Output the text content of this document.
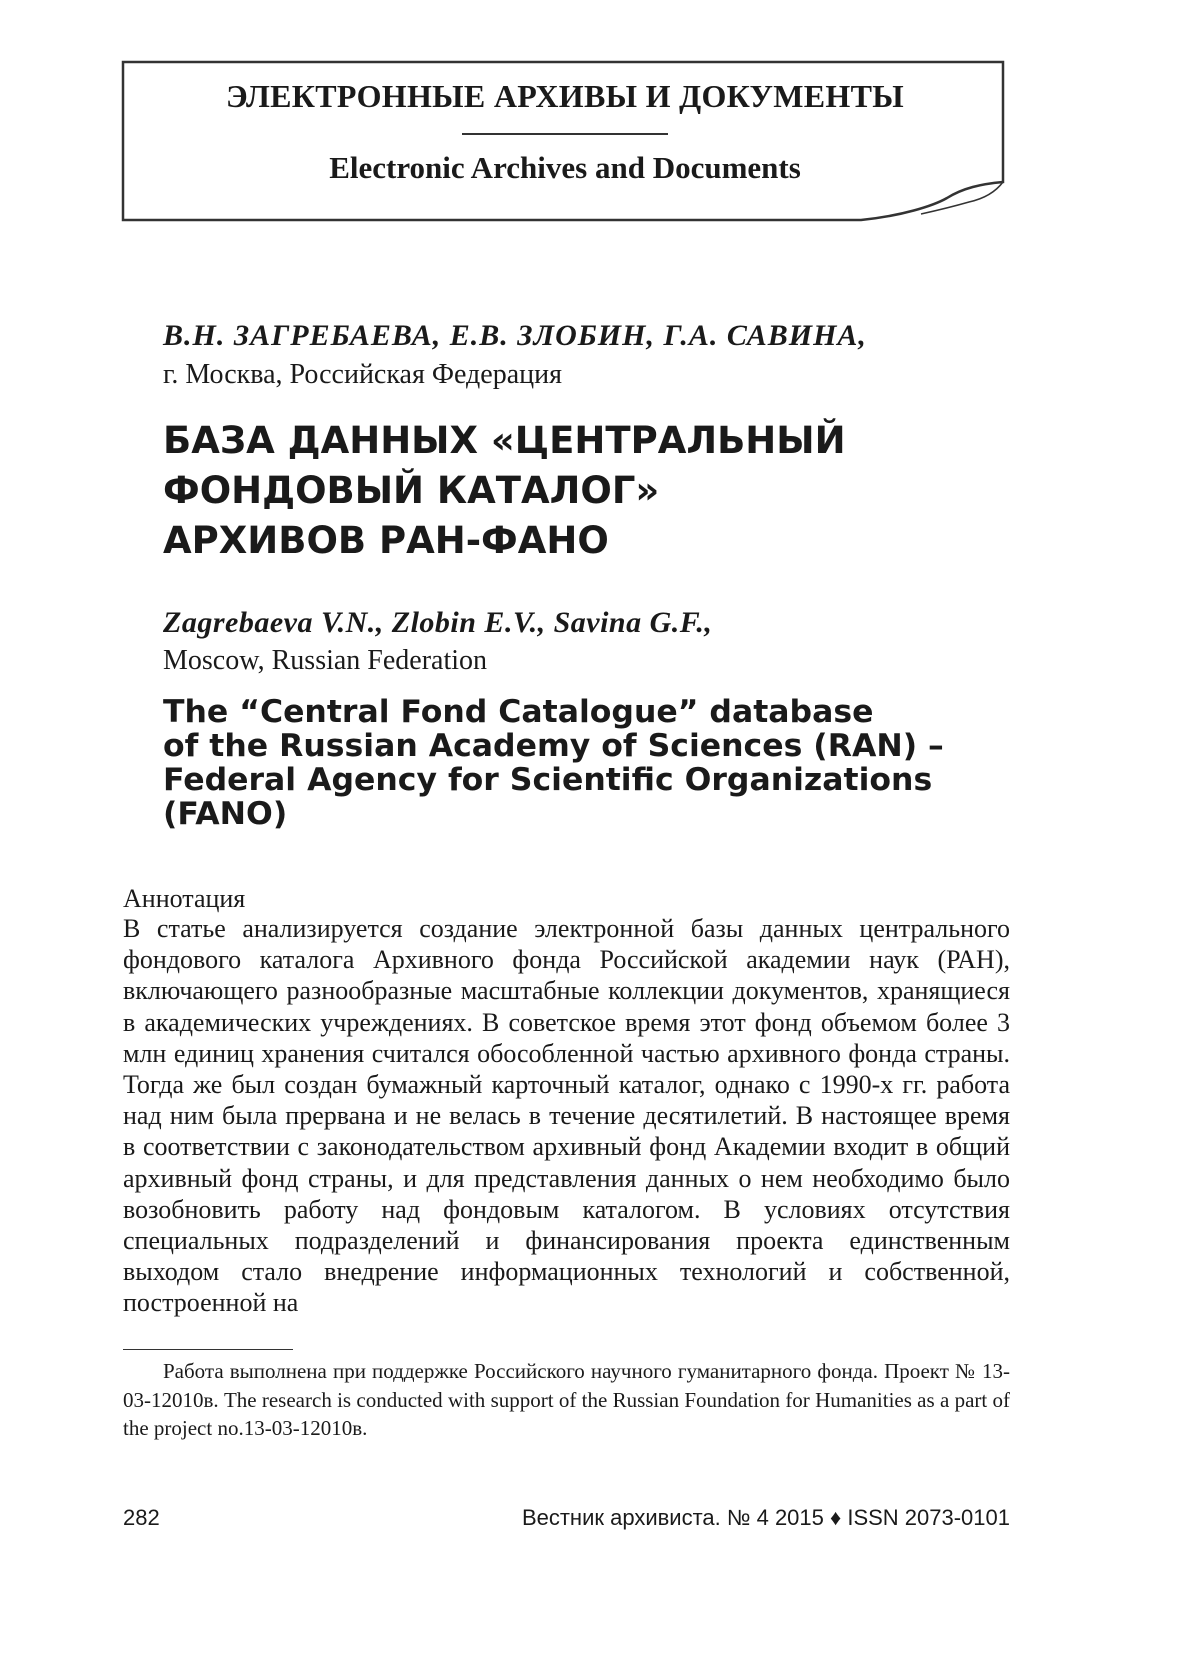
ЭЛЕКТРОННЫЕ АРХИВЫ И ДОКУМЕНТЫ
Electronic Archives and Documents
В.Н. ЗАГРЕБАЕВА, Е.В. ЗЛОБИН, Г.А. САВИНА,
г. Москва, Российская Федерация
БАЗА ДАННЫХ «ЦЕНТРАЛЬНЫЙ
ФОНДОВЫЙ КАТАЛОГ»
АРХИВОВ РАН-ФАНО
Zagrebaeva V.N., Zlobin E.V., Savina G.F.,
Moscow, Russian Federation
The “Central Fond Catalogue” database
of the Russian Academy of Sciences (RAN) –
Federal Agency for Scientific Organizations
(FANO)
Аннотация
В статье анализируется создание электронной базы данных центрального фондового каталога Архивного фонда Российской академии наук (РАН), включающего разнообразные масштабные коллекции документов, хранящиеся в академических учреждениях. В советское время этот фонд объемом более 3 млн единиц хранения считался обособленной частью архивного фонда страны. Тогда же был создан бумажный карточный каталог, однако с 1990-х гг. работа над ним была прервана и не велась в течение десятилетий. В настоящее время в соответствии с законодательством архивный фонд Академии входит в общий архивный фонд страны, и для представления данных о нем необходимо было возобновить работу над фондовым каталогом. В условиях отсутствия специальных подразделений и финансирования проекта единственным выходом стало внедрение информационных технологий и собственной, построенной на
Работа выполнена при поддержке Российского научного гуманитарного фонда. Проект № 13-03-12010в. The research is conducted with support of the Russian Foundation for Humanities as a part of the project no.13-03-12010в.
282	Вестник архивиста. № 4 2015 ♦ ISSN 2073-0101
